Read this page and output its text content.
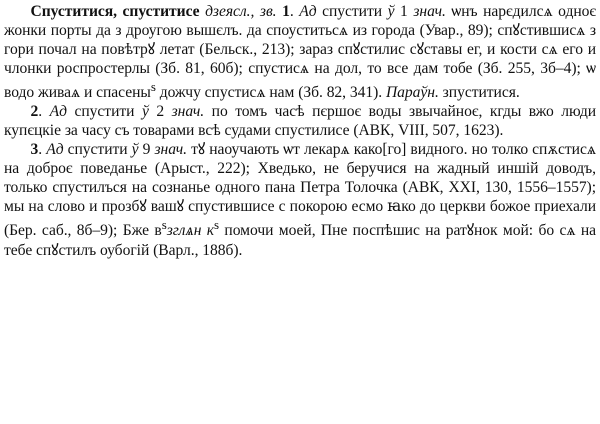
Спуститися, спуститисе дзеясл., зв. 1. Ад спустити ў 1 знач. ѡнъ нарєдилсѧ одноє жонки порты да з дроугою вышєлъ. да споуститьсѧ из города (Увар., 89); спꙋстившисѧ з гори почал на повѣтрꙋ летат (Бельск., 213); зараз спꙋстилис сꙋставы ег, и кости сѧ его и члонки роспростерлы (Зб. 81, 60б); спустисѧ на дол, то все дам тобе (Зб. 255, 3б–4); ѡ водо живаѧ и спасены$^ѕ$ дожчу спустисѧ нам (Зб. 82, 341). Параўн. зпуститися.

2. Ад спустити ў 2 знач. по томъ часѣ пєршоє воды звычайноє, кгды вжо люди купєцкіе за часу съ товарами всѣ судами спустилисе (АВК, VIII, 507, 1623).

3. Ад спустити ў 9 знач. тꙋ наоучають ѡт лекарѧ како[го] видного. но толко спѫстисѧ на доброє поведанье (Арыст., 222); Хведько, не беручися на жадный иншій доводъ, только спустилъся на сознанье одного пана Петра Толочка (АВК, XXI, 130, 1556–1557); мы на слово и прозбꙋ вашꙋ спустившисе с покорою есмо ꙗко до церкви божое приехали (Бер. саб., 8б–9); Бже $в^sзглѧн$ $к^s$ помочи моей, Пне поспѣшис на ратꙋнок мой: бо сѧ на тебе спꙋстилъ оубогій (Варл., 188б).
